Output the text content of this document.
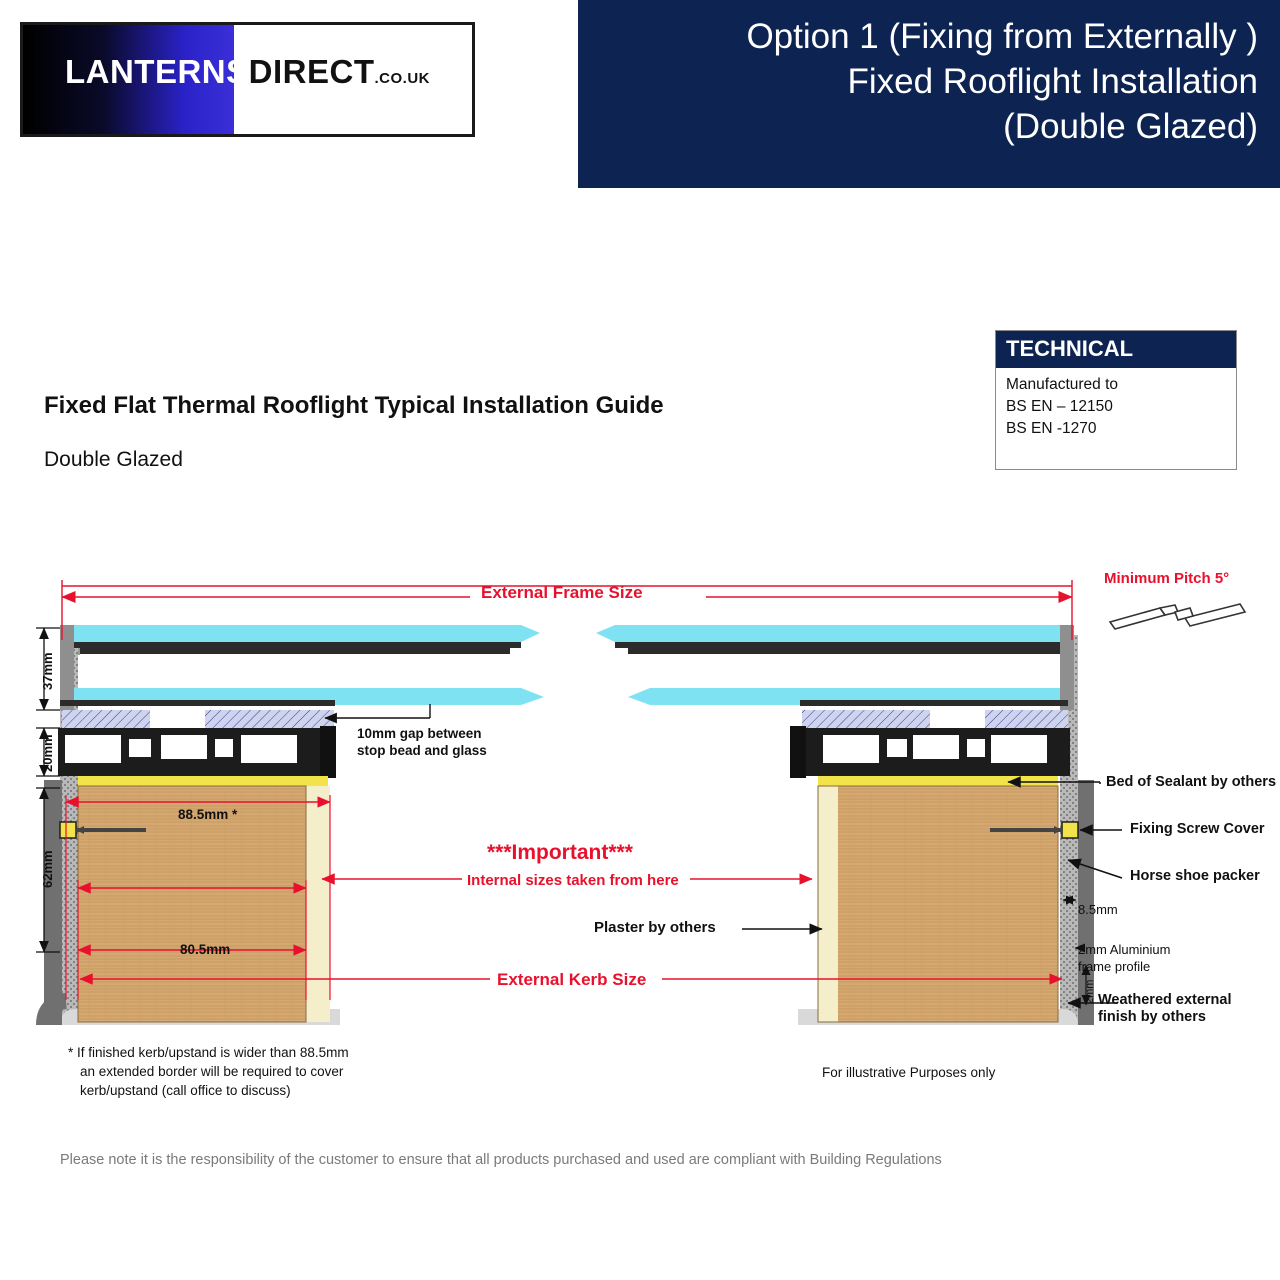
LANTERNSDIRECT.CO.UK
Option 1 (Fixing from Externally )
Fixed Rooflight Installation
(Double Glazed)
TECHNICAL
Manufactured to
BS EN – 12150
BS EN -1270
Fixed Flat Thermal Rooflight Typical Installation Guide
Double Glazed
External Frame Size
Minimum Pitch 5°
37mm
20mm
62mm
88.5mm *
80.5mm
10mm gap between
stop bead and glass
***Important***
Internal sizes taken from here
Plaster by others
External Kerb Size
Bed of Sealant by others
Fixing Screw Cover
Horse shoe packer
8.5mm
2mm Aluminium
frame profile
2mm Weathered external
finish by others
* If finished kerb/upstand is wider than 88.5mm
an extended border will be required to cover
kerb/upstand (call office to discuss)
For illustrative Purposes only
Please note it is the responsibility of the customer to ensure that all products purchased and used are compliant with Building Regulations
